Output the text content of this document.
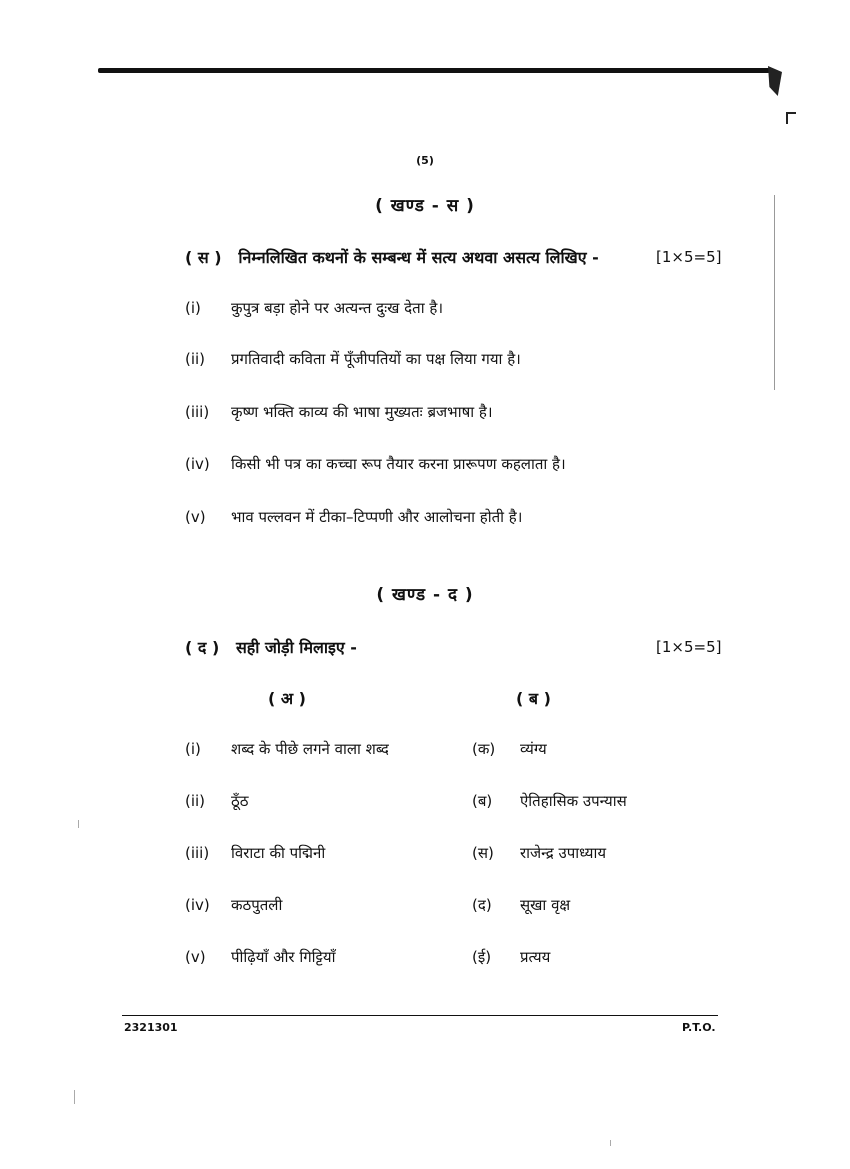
(5)
( खण्ड - स )
( स ) निम्नलिखित कथनों के सम्बन्ध में सत्य अथवा असत्य लिखिए -	[1×5=5]
(i) कुपुत्र बड़ा होने पर अत्यन्त दुःख देता है।
(ii) प्रगतिवादी कविता में पूँजीपतियों का पक्ष लिया गया है।
(iii) कृष्ण भक्ति काव्य की भाषा मुख्यतः ब्रजभाषा है।
(iv) किसी भी पत्र का कच्चा रूप तैयार करना प्रारूपण कहलाता है।
(v) भाव पल्लवन में टीका–टिप्पणी और आलोचना होती है।
( खण्ड - द )
( द ) सही जोड़ी मिलाइए -	[1×5=5]
( अ )	( ब )
(i) शब्द के पीछे लगने वाला शब्द	(क) व्यंग्य
(ii) ठूँठ	(ब) ऐतिहासिक उपन्यास
(iii) विराटा की पद्मिनी	(स) राजेन्द्र उपाध्याय
(iv) कठपुतली	(द) सूखा वृक्ष
(v) पीढ़ियाँ और गिट्टियाँ	(ई) प्रत्यय
2321301	P.T.O.
